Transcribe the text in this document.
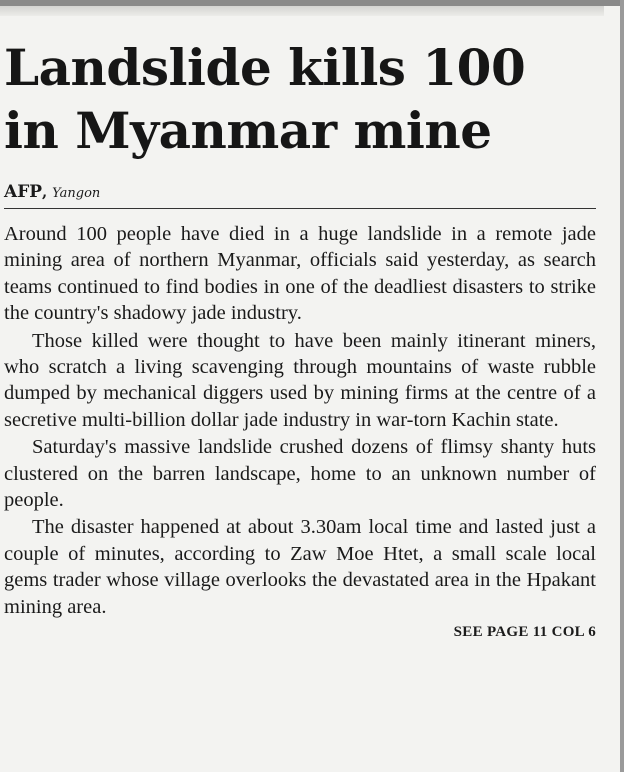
Landslide kills 100 in Myanmar mine
AFP, Yangon

Around 100 people have died in a huge landslide in a remote jade mining area of northern Myanmar, officials said yesterday, as search teams continued to find bodies in one of the deadliest disasters to strike the country's shadowy jade industry.

Those killed were thought to have been mainly itinerant miners, who scratch a living scavenging through mountains of waste rubble dumped by mechanical diggers used by mining firms at the centre of a secretive multi-billion dollar jade industry in war-torn Kachin state.

Saturday's massive landslide crushed dozens of flimsy shanty huts clustered on the barren landscape, home to an unknown number of people.

The disaster happened at about 3.30am local time and lasted just a couple of minutes, according to Zaw Moe Htet, a small scale local gems trader whose village overlooks the devastated area in the Hpakant mining area.

SEE PAGE 11 COL 6
